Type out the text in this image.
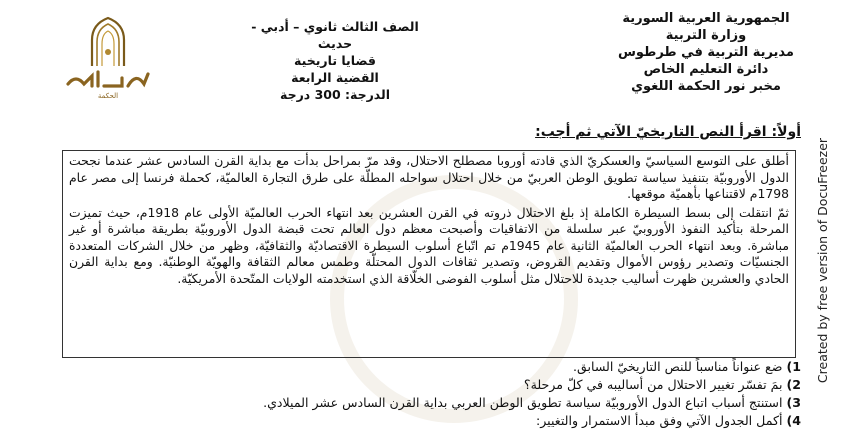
الجمهورية العربية السورية
وزارة التربية
مديرية التربية في طرطوس
دائرة التعليم الخاص
مخبر نور الحكمة اللغوي
الصف الثالث ثانوي – أدبي - حديث
قضايا تاريخية
القضية الرابعة
الدرجة: 300 درجة
الحكمة
Created by free version of DocuFreezer
أولاً: اقرأ النص التاريخيّ الآتي ثم أجب:

أطلق على التوسع السياسيّ والعسكريّ الذي قادته أوروبا مصطلح الاحتلال، وقد مرّ بمراحل بدأت مع بداية القرن السادس عشر عندما نجحت الدول الأوروبيّة بتنفيذ سياسة تطويق الوطن العربيّ من خلال احتلال سواحله المطلّة على طرق التجارة العالميّة، كحملة فرنسا إلى مصر عام 1798م لاقتناعها بأهميّة موقعها.

ثمّ انتقلت إلى بسط السيطرة الكاملة إذ بلغ الاحتلال ذروته في القرن العشرين بعد انتهاء الحرب العالميّة الأولى عام 1918م، حيث تميزت المرحلة بتأكيد النفوذ الأوروبيّ عبر سلسلة من الاتفاقيات وأصبحت معظم دول العالم تحت قبضة الدول الأوروبيّة بطريقة مباشرة أو غير مباشرة. وبعد انتهاء الحرب العالميّة الثانية عام 1945م تم اتّباع أسلوب السيطرة الاقتصاديّة والثقافيّة، وظهر من خلال الشركات المتعددة الجنسيّات وتصدير رؤوس الأموال وتقديم القروض، وتصدير ثقافات الدول المحتلّة وطمس معالم الثقافة والهويّة الوطنيّة. ومع بداية القرن الحادي والعشرين ظهرت أساليب جديدة للاحتلال مثل أسلوب الفوضى الخلّاقة الذي استخدمته الولايات المتّحدة الأمريكيّة.

1)
ضع عنواناً مناسباً للنص التاريخيّ السابق.
2)
بمَ تفسّر تغيير الاحتلال من أساليبه في كلّ مرحلة؟
3)
استنتج أسباب اتباع الدول الأوروبيّة سياسة تطويق الوطن العربي بداية القرن السادس عشر الميلادي.
4)
أكمل الجدول الآتي وفق مبدأ الاستمرار والتغيير:
